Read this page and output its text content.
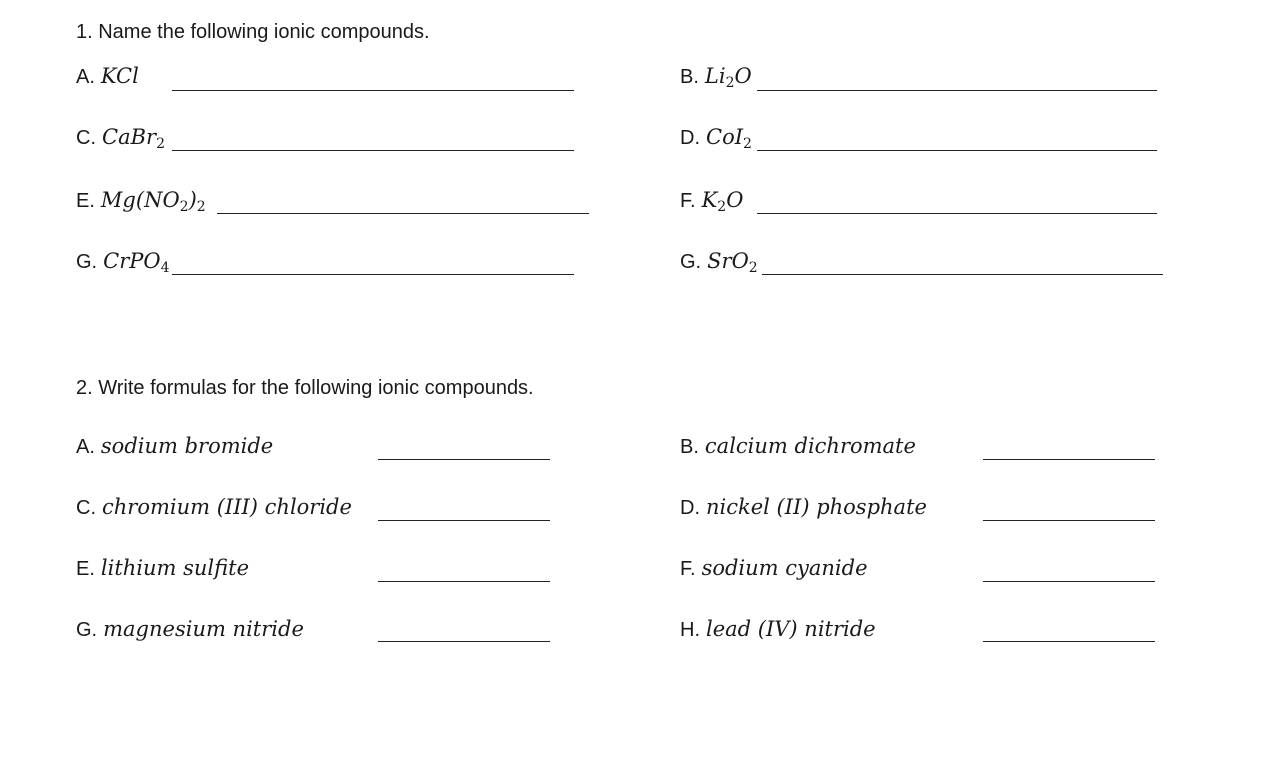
1. Name the following ionic compounds.
A. KCl	B. $Li_2O$
C. CaBr$_2$	D. CoI$_2$
E. $Mg(NO_2)_2$	F. $K_2O$
G. CrPO$_4$	G. SrO$_2$
2. Write formulas for the following ionic compounds.
A. sodium bromide	B. calcium dichromate
C. chromium (III) chloride	D. nickel (II) phosphate
E. lithium sulfite	F. sodium cyanide
G. magnesium nitride	H. lead (IV) nitride
